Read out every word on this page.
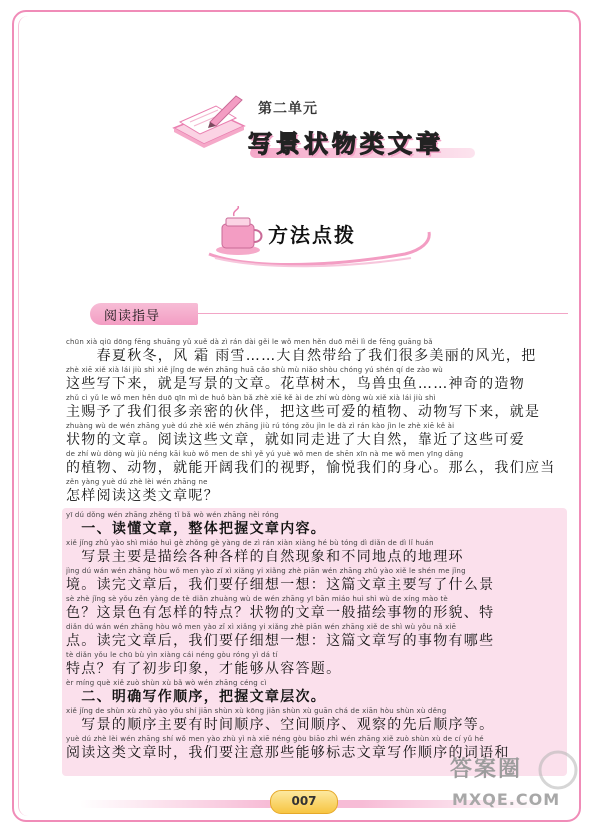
第二单元
写景状物类文章
方法点拨
阅读指导
chūn xià qiū dōng fēng shuāng yǔ xuě dà zì rán dài gěi le wǒ men hěn duō měi lì de fēng guāng bǎ
　　春夏秋冬，风 霜 雨雪……大自然带给了我们很多美丽的风光，把
zhè xiē xiě xià lái jiù shì xiě jǐng de wén zhāng huā cǎo shù mù niǎo shòu chóng yú shén qí de zào wù
这些写下来，就是写景的文章。花草树木，鸟兽虫鱼……神奇的造物
zhǔ cì yǔ le wǒ men hěn duō qīn mì de huǒ bàn bǎ zhè xiē kě ài de zhí wù dòng wù xiě xià lái jiù shì
主赐予了我们很多亲密的伙伴，把这些可爱的植物、动物写下来，就是
zhuàng wù de wén zhāng yuè dú zhè xiē wén zhāng jiù rú tóng zǒu jìn le dà zì rán kào jìn le zhè xiē kě ài
状物的文章。阅读这些文章，就如同走进了大自然，靠近了这些可爱
de zhí wù dòng wù jiù néng kāi kuò wǒ men de shì yě yú yuè wǒ men de shēn xīn nà me wǒ men yīng dāng
的植物、动物，就能开阔我们的视野，愉悦我们的身心。那么，我们应当
zěn yàng yuè dú zhè lèi wén zhāng ne
怎样阅读这类文章呢？
yī dú dǒng wén zhāng zhěng tǐ bǎ wò wén zhāng nèi róng
　一、读懂文章，整体把握文章内容。
xiě jǐng zhǔ yào shì miáo huì gè zhǒng gè yàng de zì rán xiàn xiàng hé bù tóng dì diǎn de dì lǐ huán
　写景主要是描绘各种各样的自然现象和不同地点的地理环
jìng dú wán wén zhāng hòu wǒ men yào zǐ xì xiǎng yi xiǎng zhè piān wén zhāng zhǔ yào xiě le shén me jǐng
境。读完文章后，我们要仔细想一想：这篇文章主要写了什么景
sè zhè jǐng sè yǒu zěn yàng de tè diǎn zhuàng wù de wén zhāng yī bān miáo huì shì wù de xíng mào tè
色？这景色有怎样的特点？状物的文章一般描绘事物的形貌、特
diǎn dú wán wén zhāng hòu wǒ men yào zǐ xì xiǎng yi xiǎng zhè piān wén zhāng xiě de shì wù yǒu nǎ xiē
点。读完文章后，我们要仔细想一想：这篇文章写的事物有哪些
tè diǎn yǒu le chū bù yìn xiàng cái néng gòu róng yì dá tí
特点？有了初步印象，才能够从容答题。
èr míng què xiě zuò shùn xù bǎ wò wén zhāng céng cì
　二、明确写作顺序，把握文章层次。
xiě jǐng de shùn xù zhǔ yào yǒu shí jiān shùn xù kōng jiān shùn xù guān chá de xiān hòu shùn xù děng
　写景的顺序主要有时间顺序、空间顺序、观察的先后顺序等。
yuè dú zhè lèi wén zhāng shí wǒ men yào zhù yì nà xiē néng gòu biāo zhì wén zhāng xiě zuò shùn xù de cí yǔ hé
阅读这类文章时，我们要注意那些能够标志文章写作顺序的词语和
007
答案圈
MXQE.COM
